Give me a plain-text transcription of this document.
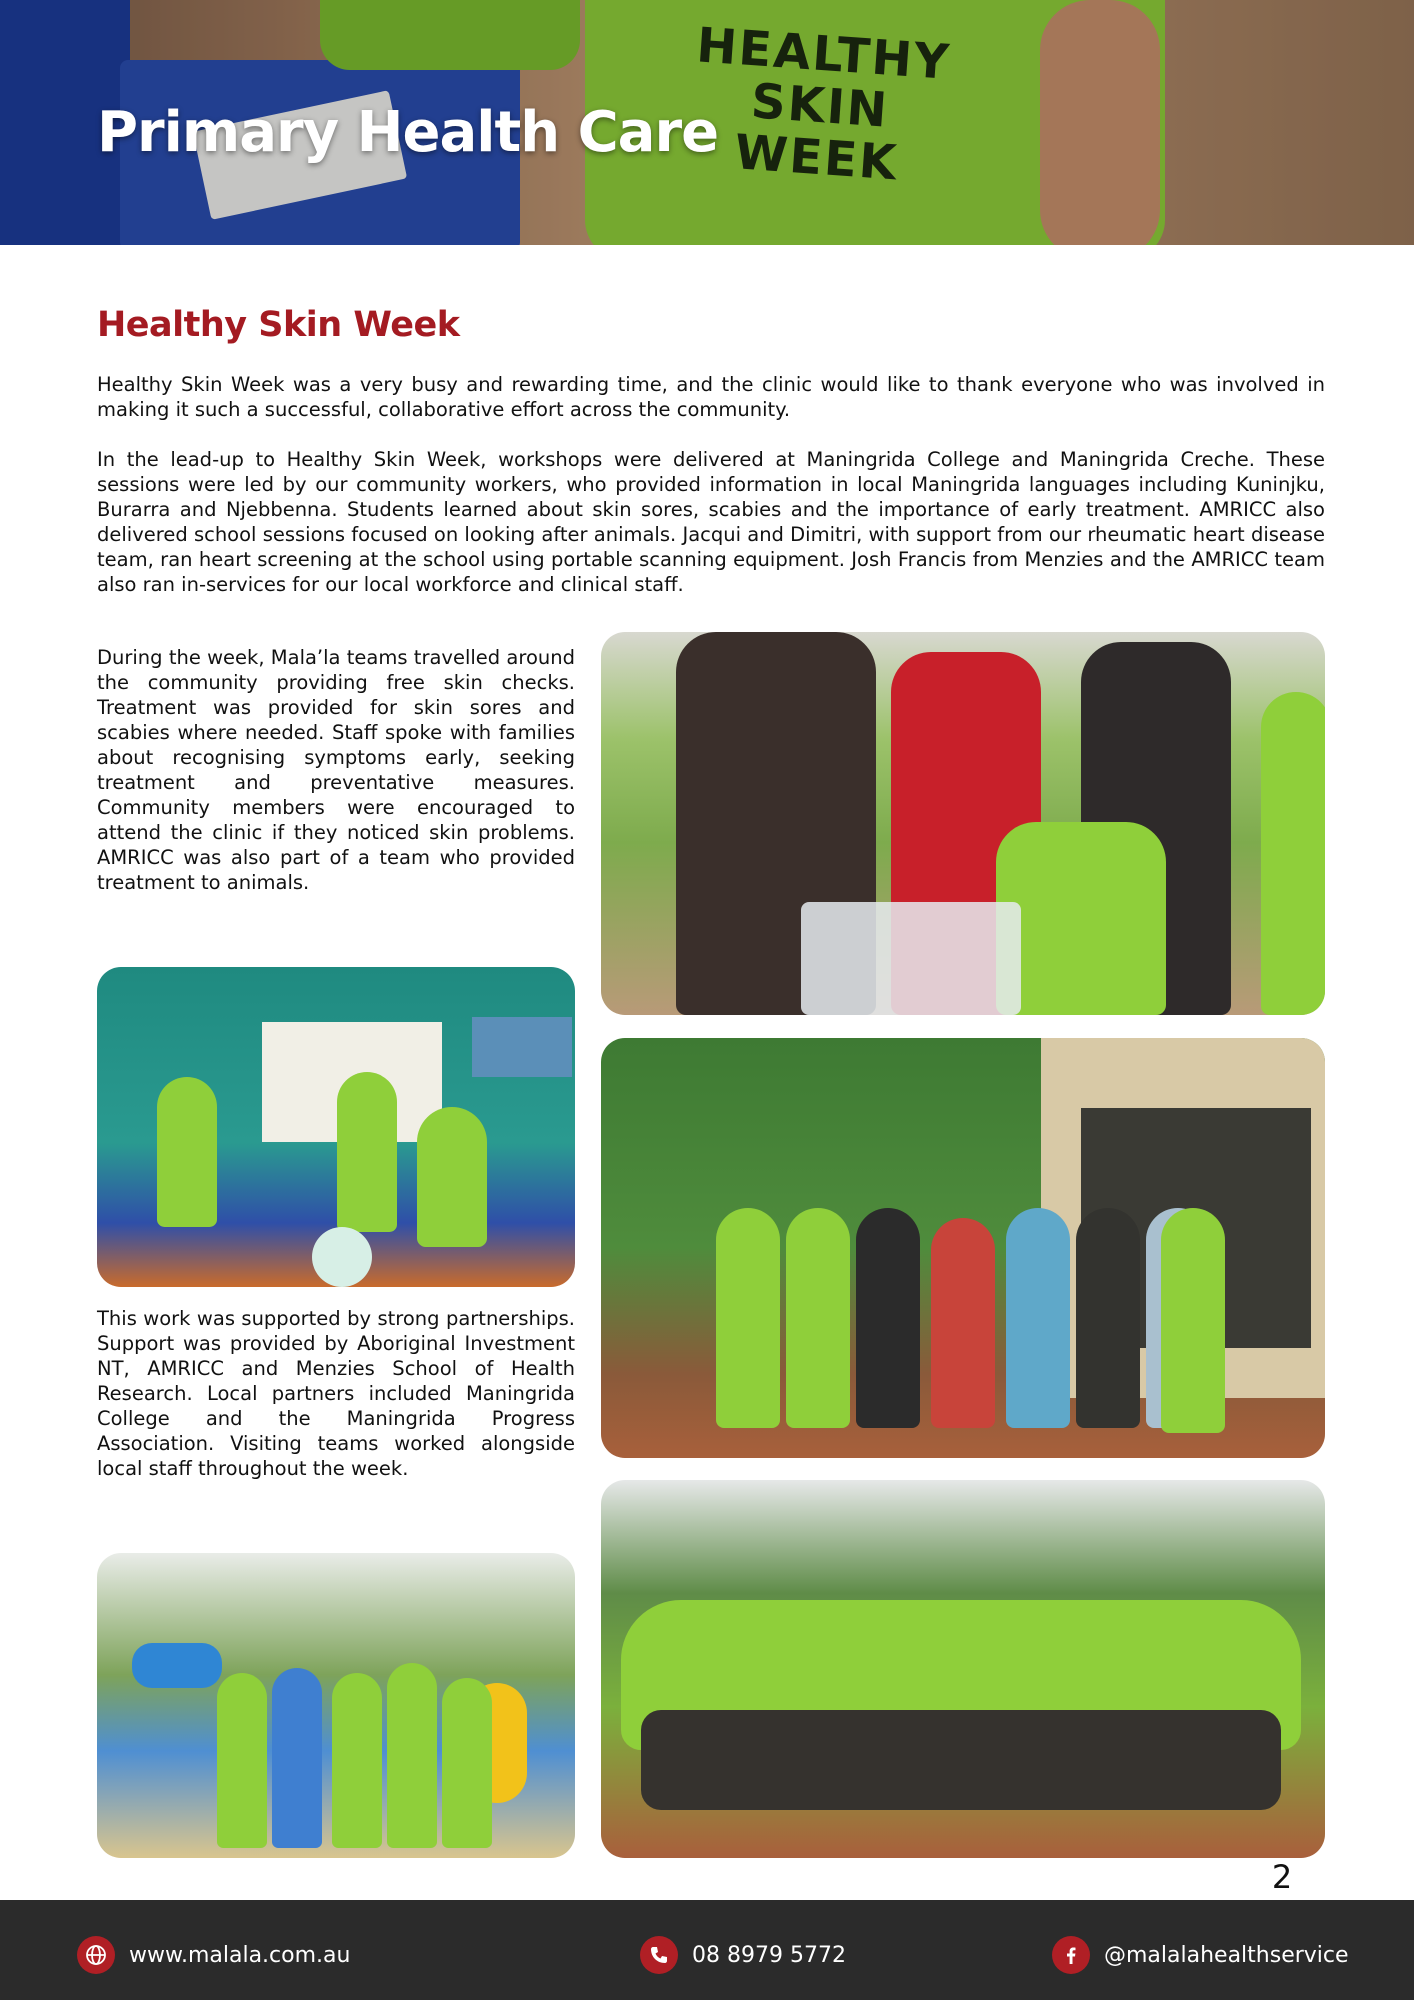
HEALTHY SKIN WEEK
Primary Health Care
Healthy Skin Week

Healthy Skin Week was a very busy and rewarding time, and the clinic would like to thank everyone who was involved in making it such a successful, collaborative effort across the community.

In the lead-up to Healthy Skin Week, workshops were delivered at Maningrida College and Maningrida Creche. These sessions were led by our community workers, who provided information in local Maningrida languages including Kuninjku, Burarra and Njebbenna. Students learned about skin sores, scabies and the importance of early treatment. AMRICC also delivered school sessions focused on looking after animals. Jacqui and Dimitri, with support from our rheumatic heart disease team, ran heart screening at the school using portable scanning equipment. Josh Francis from Menzies and the AMRICC team also ran in-services for our local workforce and clinical staff.

During the week, Mala’la teams travelled around the community providing free skin checks. Treatment was provided for skin sores and scabies where needed. Staff spoke with families about recognising symptoms early, seeking treatment and preventative measures. Community members were encouraged to attend the clinic if they noticed skin problems. AMRICC was also part of a team who provided treatment to animals.

This work was supported by strong partnerships. Support was provided by Aboriginal Investment NT, AMRICC and Menzies School of Health Research. Local partners included Maningrida College and the Maningrida Progress Association. Visiting teams worked alongside local staff throughout the week.

2
www.malala.com.au	08 8979 5772	@malalahealthservice
